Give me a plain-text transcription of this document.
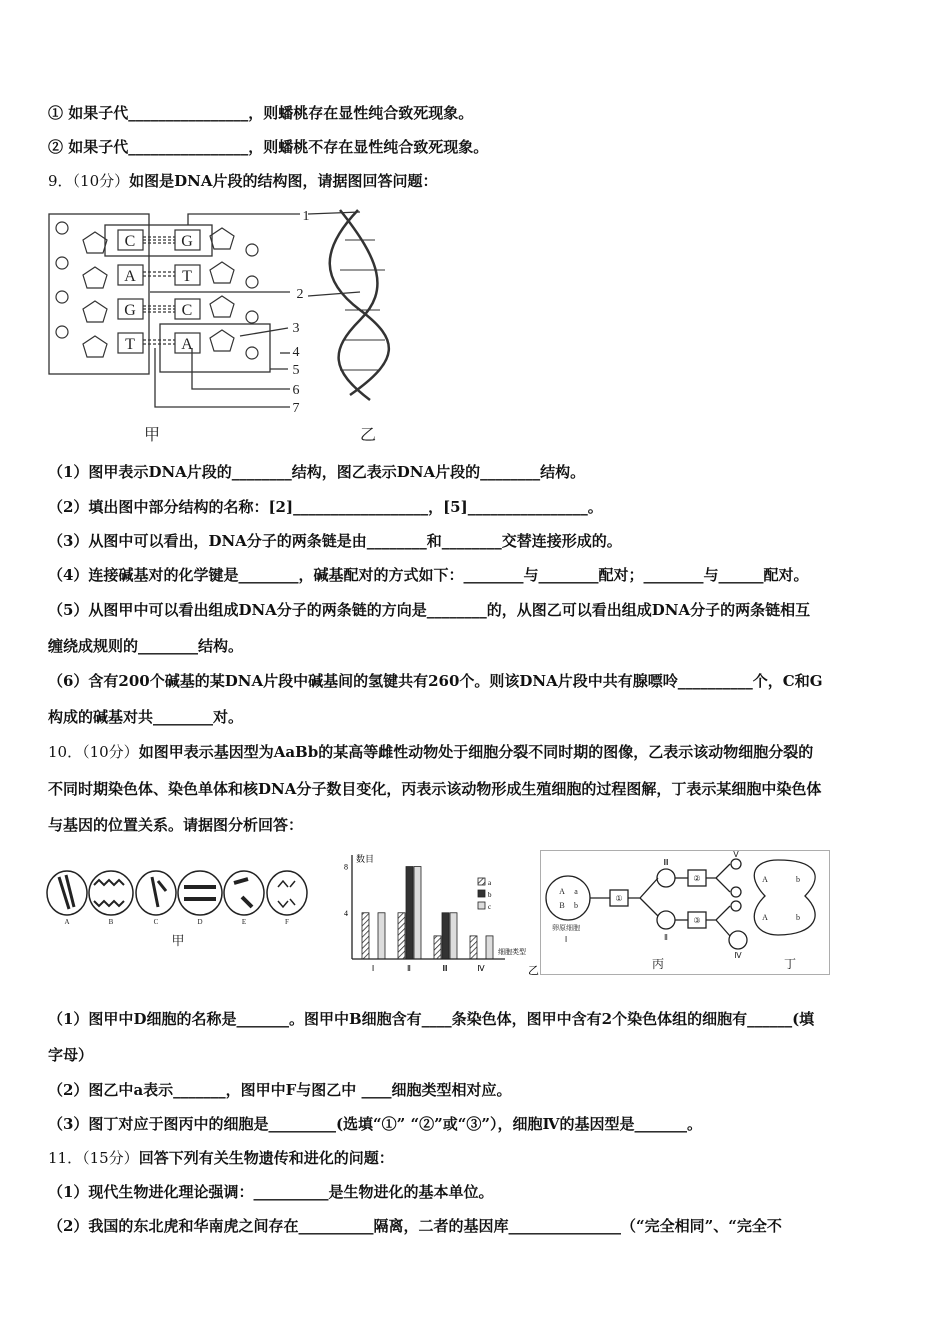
① 如果子代________________，则蟠桃存在显性纯合致死现象。
② 如果子代________________，则蟠桃不存在显性纯合致死现象。
9．（10分）如图是DNA片段的结构图，请据图回答问题：
C
A
G
T
G
T
C
A
1
2
3
4
5
6
7
甲	乙
（1）图甲表示DNA片段的________结构，图乙表示DNA片段的________结构。
（2）填出图中部分结构的名称：[2]__________________，[5]________________。
（3）从图中可以看出，DNA分子的两条链是由________和________交替连接形成的。
（4）连接碱基对的化学键是________，碱基配对的方式如下：________与________配对；________与______配对。
（5）从图甲中可以看出组成DNA分子的两条链的方向是________的，从图乙可以看出组成DNA分子的两条链相互
缠绕成规则的________结构。
（6）含有200个碱基的某DNA片段中碱基间的氢键共有260个。则该DNA片段中共有腺嘌呤__________个，C和G
构成的碱基对共________对。
10．（10分）如图甲表示基因型为AaBb的某高等雌性动物处于细胞分裂不同时期的图像，乙表示该动物细胞分裂的
不同时期染色体、染色单体和核DNA分子数目变化，丙表示该动物形成生殖细胞的过程图解，丁表示某细胞中染色体
与基因的位置关系。请据图分析回答：
A	B	C	D	E	F
甲
数目
细胞类型
乙
Ⅰ	Ⅱ	Ⅲ	Ⅳ
4
8
a
b
c
A a
B b
卵原细胞
Ⅰ	Ⅱ
Ⅲ
Ⅳ
Ⅴ
①
②
③
A	b
A	b
丙	丁
（1）图甲中D细胞的名称是_______。图甲中B细胞含有____条染色体，图甲中含有2个染色体组的细胞有______(填
字母）
（2）图乙中a表示_______，图甲中F与图乙中 ____细胞类型相对应。
（3）图丁对应于图丙中的细胞是_________(选填“①” “②”或“③”），细胞Ⅳ的基因型是_______。
11．（15分）回答下列有关生物遗传和进化的问题：
（1）现代生物进化理论强调：__________是生物进化的基本单位。
（2）我国的东北虎和华南虎之间存在__________隔离，二者的基因库_______________（“完全相同”、“完全不
